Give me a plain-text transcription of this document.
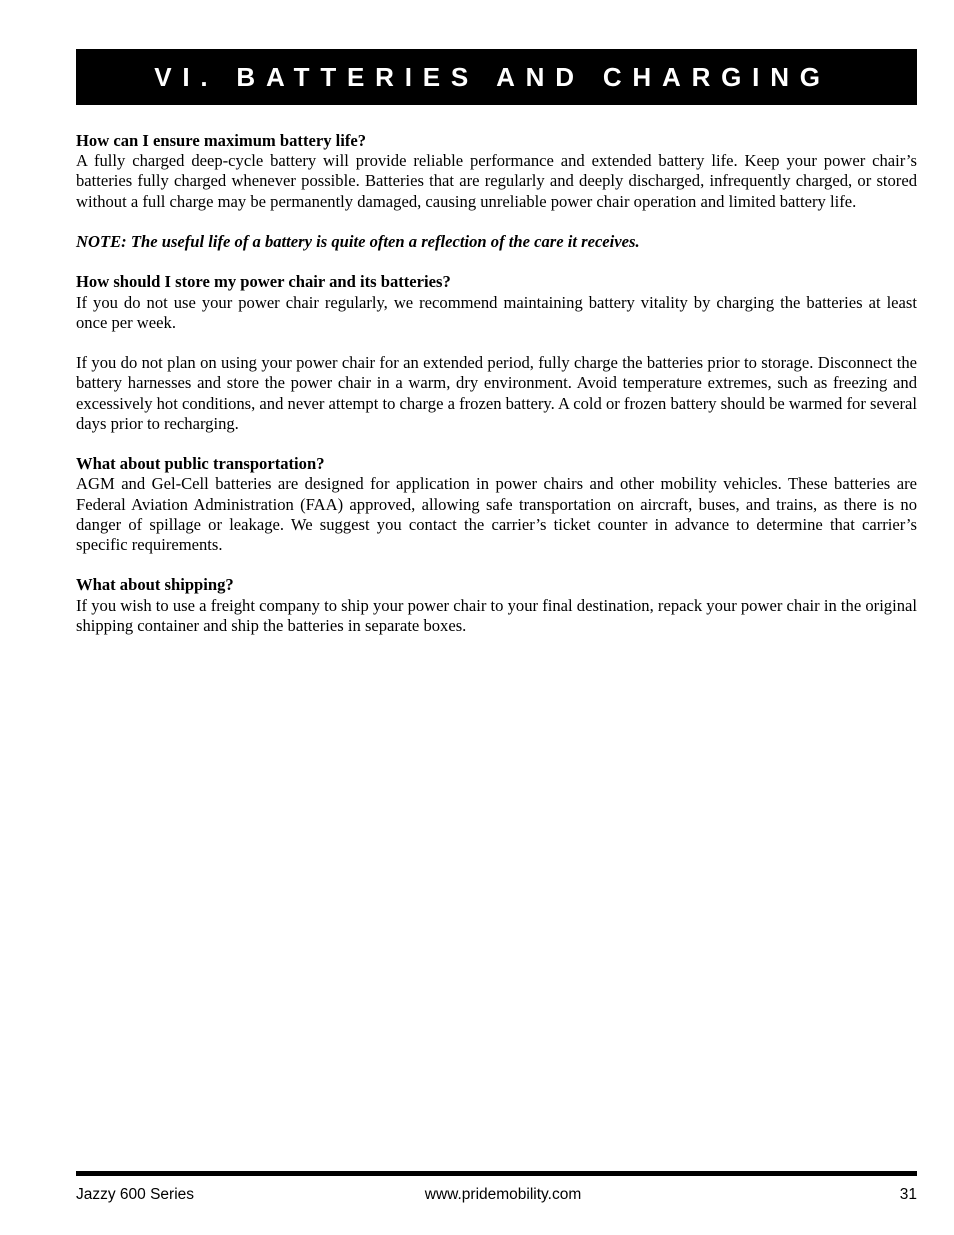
VI. BATTERIES AND CHARGING

How can I ensure maximum battery life?

A fully charged deep-cycle battery will provide reliable performance and extended battery life. Keep your power chair’s batteries fully charged whenever possible. Batteries that are regularly and deeply discharged, infrequently charged, or stored without a full charge may be permanently damaged, causing unreliable power chair operation and limited battery life.

NOTE: The useful life of a battery is quite often a reflection of the care it receives.

How should I store my power chair and its batteries?

If you do not use your power chair regularly, we recommend maintaining battery vitality by charging the batteries at least once per week.

If you do not plan on using your power chair for an extended period, fully charge the batteries prior to storage. Disconnect the battery harnesses and store the power chair in a warm, dry environment. Avoid temperature extremes, such as freezing and excessively hot conditions, and never attempt to charge a frozen battery. A cold or frozen battery should be warmed for several days prior to recharging.

What about public transportation?

AGM and Gel-Cell batteries are designed for application in power chairs and other mobility vehicles. These batteries are Federal Aviation Administration (FAA) approved, allowing safe transportation on aircraft, buses, and trains, as there is no danger of spillage or leakage. We suggest you contact the carrier’s ticket counter in advance to determine that carrier’s specific requirements.

What about shipping?

If you wish to use a freight company to ship your power chair to your final destination, repack your power chair in the original shipping container and ship the batteries in separate boxes.

Jazzy 600 Series	www.pridemobility.com	31
